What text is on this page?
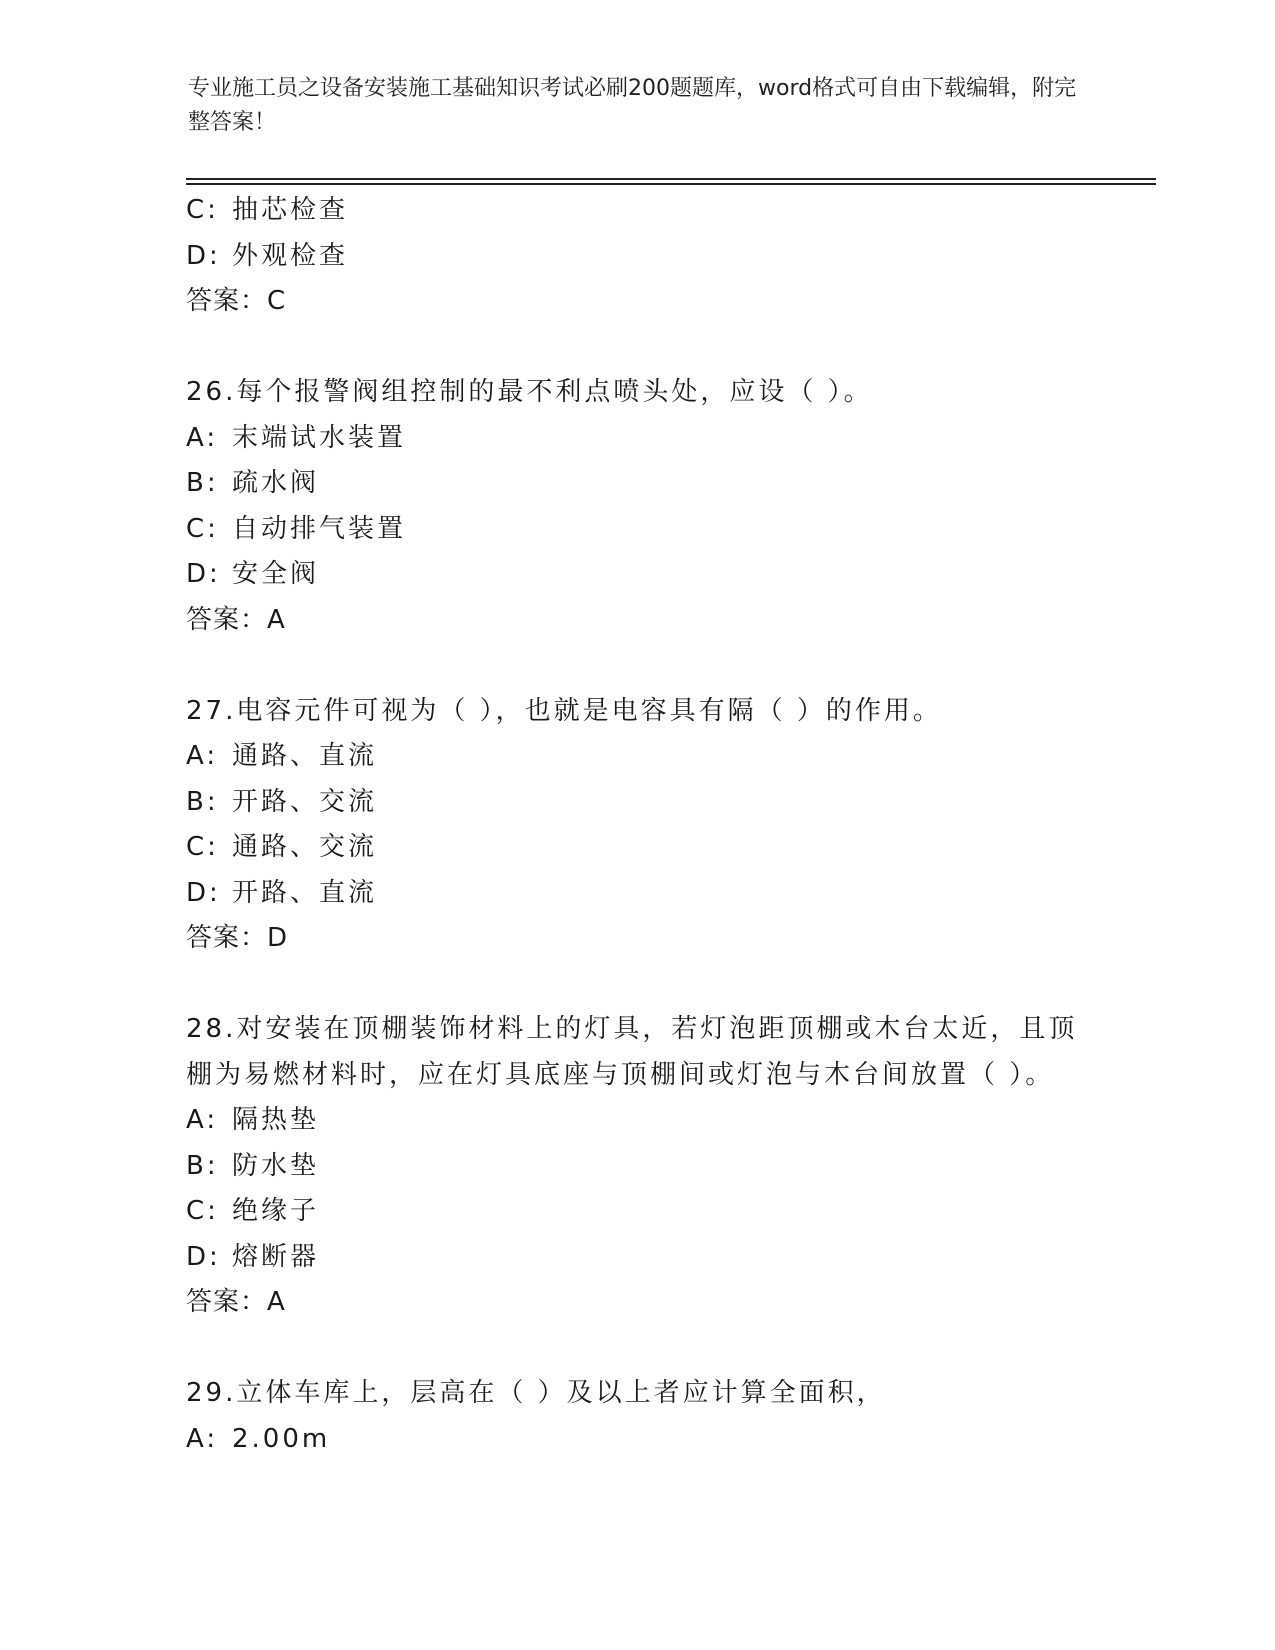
专业施工员之设备安装施工基础知识考试必刷200题题库，word格式可自由下载编辑，附完整答案！
C: 抽芯检查
D: 外观检查
答案：C
26.每个报警阀组控制的最不利点喷头处，应设（ ）。
A: 末端试水装置
B: 疏水阀
C: 自动排气装置
D: 安全阀
答案：A
27.电容元件可视为（ ），也就是电容具有隔（ ）的作用。
A: 通路、直流
B: 开路、交流
C: 通路、交流
D: 开路、直流
答案：D
28.对安装在顶棚装饰材料上的灯具，若灯泡距顶棚或木台太近，且顶
棚为易燃材料时，应在灯具底座与顶棚间或灯泡与木台间放置（ ）。
A: 隔热垫
B: 防水垫
C: 绝缘子
D: 熔断器
答案：A
29.立体车库上，层高在（ ）及以上者应计算全面积，
A: 2.00m
